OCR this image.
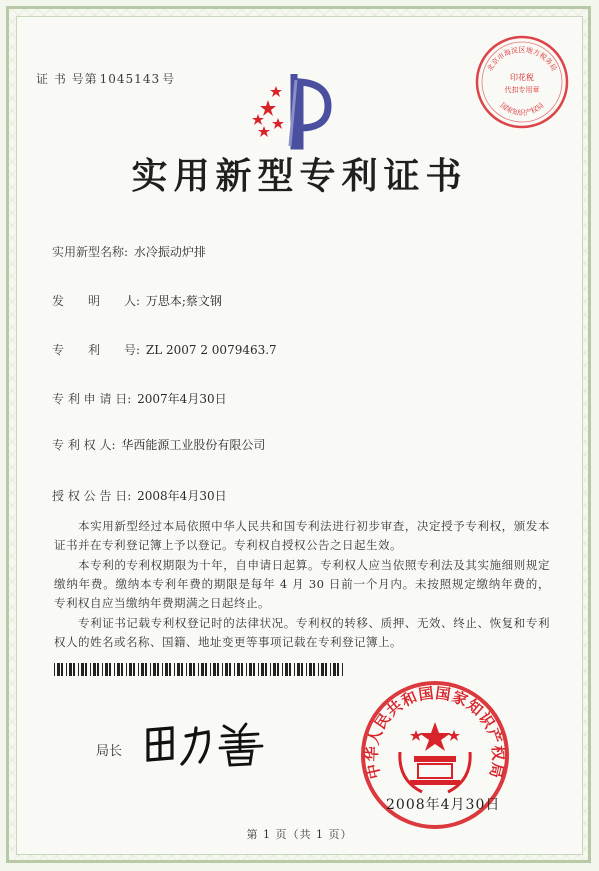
证 书 号第 1045143 号
实用新型专利证书
实用新型名称: 水冷振动炉排
发　　明　　人: 万思本;蔡文钢
专　　利　　号: ZL 2007 2 0079463.7
专 利 申 请 日: 2007年4月30日
专 利 权 人: 华西能源工业股份有限公司
授 权 公 告 日: 2008年4月30日
本实用新型经过本局依照中华人民共和国专利法进行初步审查，决定授予专利权，颁发本证书并在专利登记簿上予以登记。专利权自授权公告之日起生效。
本专利的专利权期限为十年，自申请日起算。专利权人应当依照专利法及其实施细则规定缴纳年费。缴纳本专利年费的期限是每年 4 月 30 日前一个月内。未按照规定缴纳年费的，专利权自应当缴纳年费期满之日起终止。
专利证书记载专利权登记时的法律状况。专利权的转移、质押、无效、终止、恢复和专利权人的姓名或名称、国籍、地址变更等事项记载在专利登记簿上。
局长
北京市海淀区地方税务局
印花税
代扣专用章
国家知识产权局
中华人民共和国国家知识产权局
2008年4月30日
第 1 页（共 1 页）
